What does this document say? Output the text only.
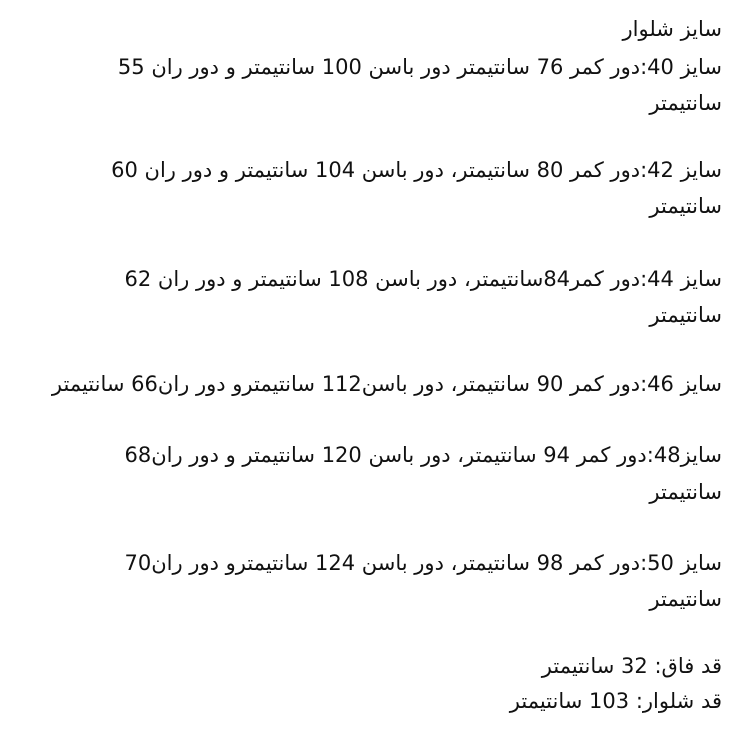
سایز شلوار
سایز 40:دور کمر 76 سانتیمتر دور باسن 100 سانتیمتر و دور ران 55
سانتیمتر
سایز 42:دور کمر 80 سانتیمتر، دور باسن 104 سانتیمتر و دور ران 60
سانتیمتر
سایز 44:دور کمر84سانتیمتر، دور باسن 108 سانتیمتر و دور ران 62
سانتیمتر
سایز 46:دور کمر 90 سانتیمتر، دور باسن112 سانتیمترو دور ران66 سانتیمتر
سایز48:دور کمر 94 سانتیمتر، دور باسن 120 سانتیمتر و دور ران68
سانتیمتر
سایز 50:دور کمر 98 سانتیمتر، دور باسن 124 سانتیمترو دور ران70
سانتیمتر
قد فاق: 32 سانتیمتر
قد شلوار: 103 سانتیمتر
